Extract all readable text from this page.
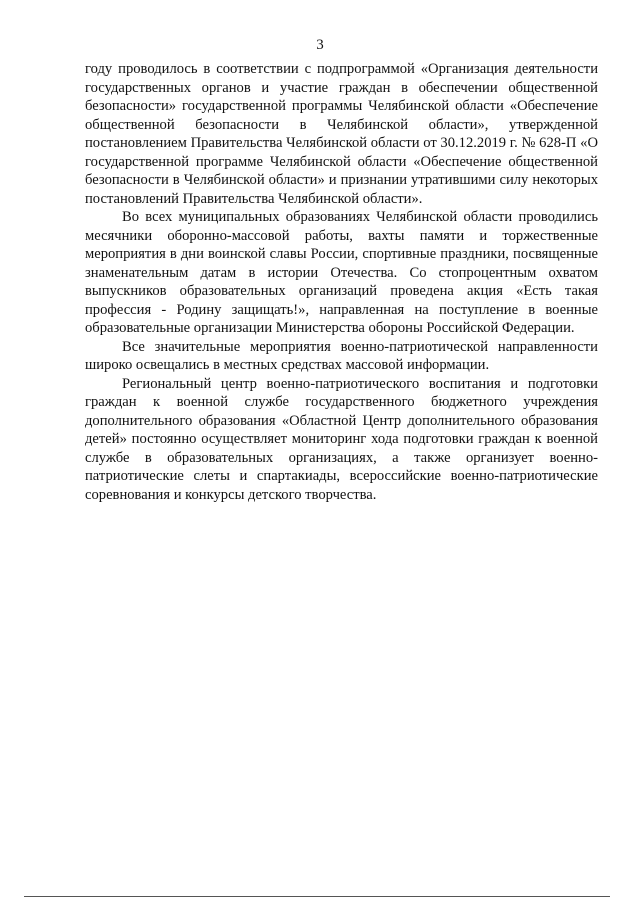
3

году проводилось в соответствии с подпрограммой «Организация деятельности государственных органов и участие граждан в обеспечении общественной безопасности» государственной программы Челябинской области «Обеспечение общественной безопасности в Челябинской области», утвержденной постановлением Правительства Челябинской области от 30.12.2019 г. № 628-П «О государственной программе Челябинской области «Обеспечение общественной безопасности в Челябинской области» и признании утратившими силу некоторых постановлений Правительства Челябинской области».

Во всех муниципальных образованиях Челябинской области проводились месячники оборонно-массовой работы, вахты памяти и торжественные мероприятия в дни воинской славы России, спортивные праздники, посвященные знаменательным датам в истории Отечества. Со стопроцентным охватом выпускников образовательных организаций проведена акция «Есть такая профессия - Родину защищать!», направленная на поступление в военные образовательные организации Министерства обороны Российской Федерации.

Все значительные мероприятия военно-патриотической направленности широко освещались в местных средствах массовой информации.

Региональный центр военно-патриотического воспитания и подготовки граждан к военной службе государственного бюджетного учреждения дополнительного образования «Областной Центр дополнительного образования детей» постоянно осуществляет мониторинг хода подготовки граждан к военной службе в образовательных организациях, а также организует военно-патриотические слеты и спартакиады, всероссийские военно-патриотические соревнования и конкурсы детского творчества.
